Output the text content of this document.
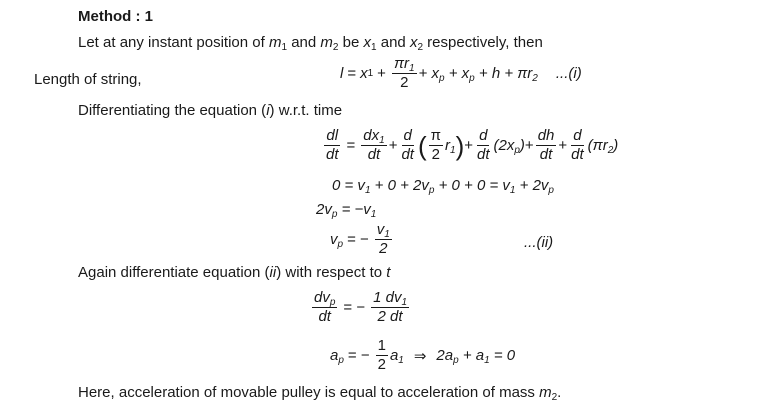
Method : 1
Let at any instant position of $m_1$ and $m_2$ be $x_1$ and $x_2$ respectively, then
Length of string,	l = x $1 + \frac{\pi r_1}{2} + x_p + x_p + h + \pi r_2$ ...(i)
Differentiating the equation (i) w.r.t. time
$\frac{dl}{dt} = \frac{dx_1}{dt} + \frac{d}{dt}$ ( $\frac{\pi}{2} r_1$ ) + $\frac{d}{dt} (2x_p) + \frac{dh}{dt} + \frac{d}{dt} (\pi r_2)$
$0 = v_1 + 0 + 2v_p + 0 + 0 = v_1 + 2v_p$
$2v_p = -v_1$
$v_p$ = − $\frac{v_1}{2}$	...(ii)
Again differentiate equation (ii) with respect to t
$\frac{dv_p}{dt}$ = − $\frac{1 dv_1}{2 dt}$
$a_p$ = − $\frac{1}{2} a_1$ ⇒ $2a_p + a_1 = 0$
Here, acceleration of movable pulley is equal to acceleration of mass $m_2$.
